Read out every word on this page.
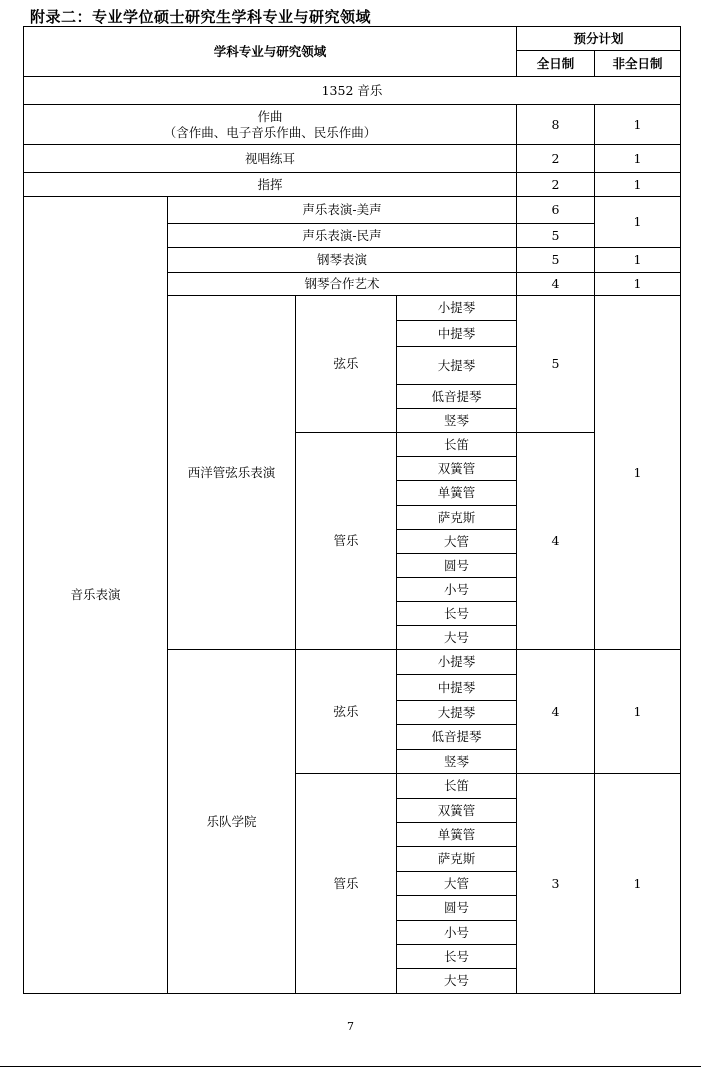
附录二：专业学位硕士研究生学科专业与研究领域
学科专业与研究领域				预分计划	
				全日制	非全日制
1352 音乐					

作曲
（含作曲、电子音乐作曲、民乐作曲）				8	1
视唱练耳				2	1
指挥				2	1
音乐表演	声乐表演-美声			6	1
	声乐表演-民声			5	
	钢琴表演			5	1
	钢琴合作艺术			4	1
	西洋管弦乐表演	弦乐	小提琴	5	1
			中提琴		
			大提琴		
			低音提琴		
			竖琴		
		管乐	长笛	4	
			双簧管		
			单簧管		
			萨克斯		
			大管		
			圆号		
			小号		
			长号		
			大号		
	乐队学院	弦乐	小提琴	4	1
			中提琴		
			大提琴		
			低音提琴		
			竖琴		
		管乐	长笛	3	1
			双簧管		
			单簧管		
			萨克斯		
			大管		
			圆号		
			小号		
			长号		
			大号		
7
